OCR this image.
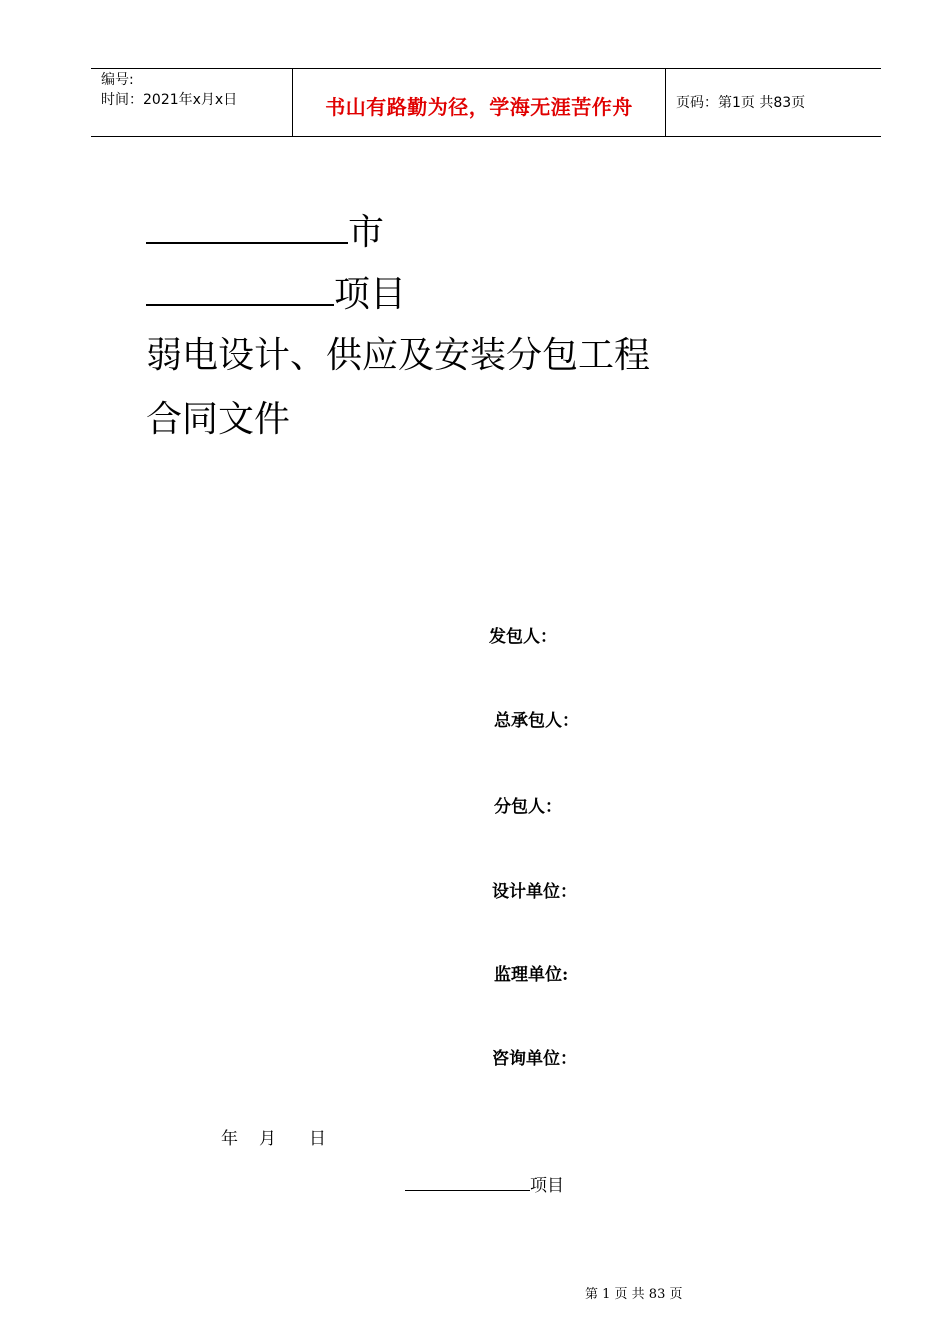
编号:
时间：2021年x月x日	书山有路勤为径，学海无涯苦作舟	页码：第1页 共83页
市
项目
弱电设计、供应及安装分包工程
合同文件
发包人：
总承包人：
分包人：
设计单位：
监理单位:
咨询单位：
年 月 日
项目
第 1 页 共 83 页
